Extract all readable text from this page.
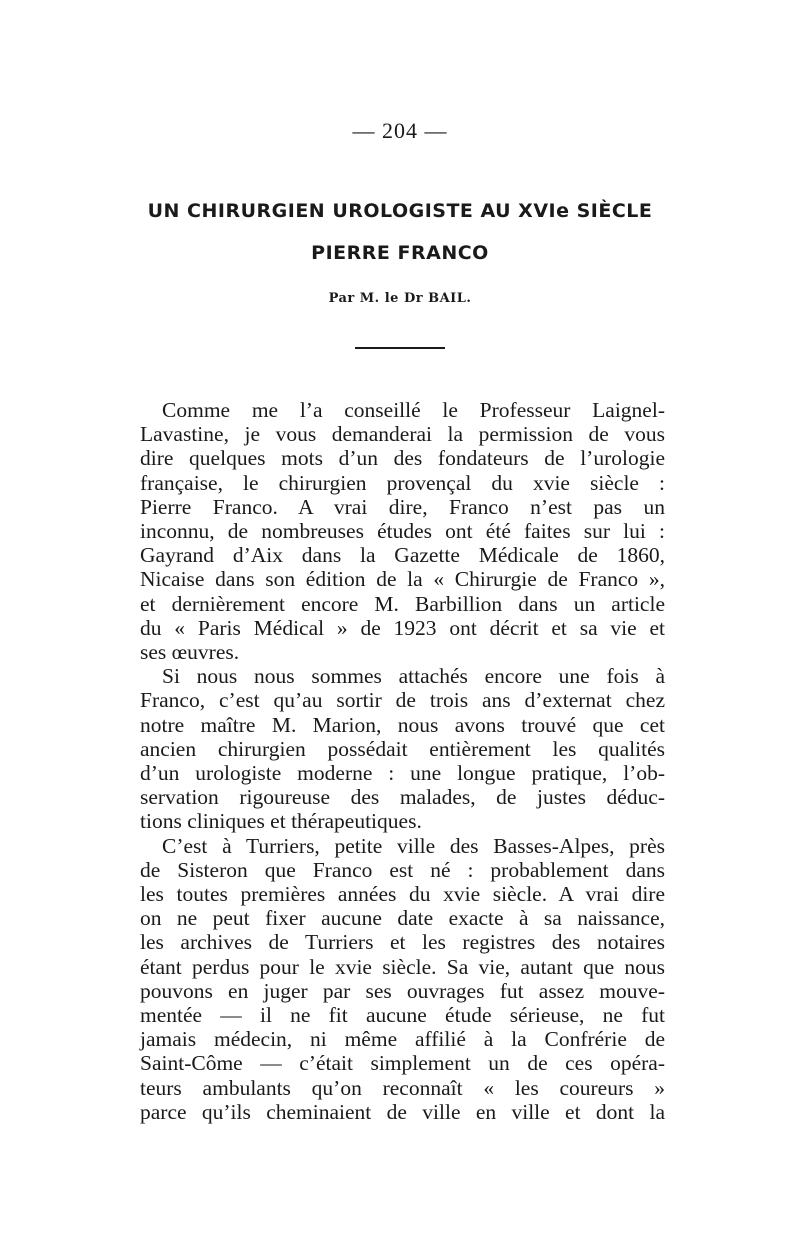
— 204 —
UN CHIRURGIEN UROLOGISTE AU XVIe SIÈCLE
PIERRE FRANCO
Par M. le Dr BAIL.
Comme me l’a conseillé le Professeur Laignel-
Lavastine, je vous demanderai la permission de vous
dire quelques mots d’un des fondateurs de l’urologie
française, le chirurgien provençal du xvie siècle :
Pierre Franco. A vrai dire, Franco n’est pas un
inconnu, de nombreuses études ont été faites sur lui :
Gayrand d’Aix dans la Gazette Médicale de 1860,
Nicaise dans son édition de la « Chirurgie de Franco »,
et dernièrement encore M. Barbillion dans un article
du « Paris Médical » de 1923 ont décrit et sa vie et
ses œuvres.
Si nous nous sommes attachés encore une fois à
Franco, c’est qu’au sortir de trois ans d’externat chez
notre maître M. Marion, nous avons trouvé que cet
ancien chirurgien possédait entièrement les qualités
d’un urologiste moderne : une longue pratique, l’ob-
servation rigoureuse des malades, de justes déduc-
tions cliniques et thérapeutiques.
C’est à Turriers, petite ville des Basses-Alpes, près
de Sisteron que Franco est né : probablement dans
les toutes premières années du xvie siècle. A vrai dire
on ne peut fixer aucune date exacte à sa naissance,
les archives de Turriers et les registres des notaires
étant perdus pour le xvie siècle. Sa vie, autant que nous
pouvons en juger par ses ouvrages fut assez mouve-
mentée — il ne fit aucune étude sérieuse, ne fut
jamais médecin, ni même affilié à la Confrérie de
Saint-Côme — c’était simplement un de ces opéra-
teurs ambulants qu’on reconnaît « les coureurs »
parce qu’ils cheminaient de ville en ville et dont la
